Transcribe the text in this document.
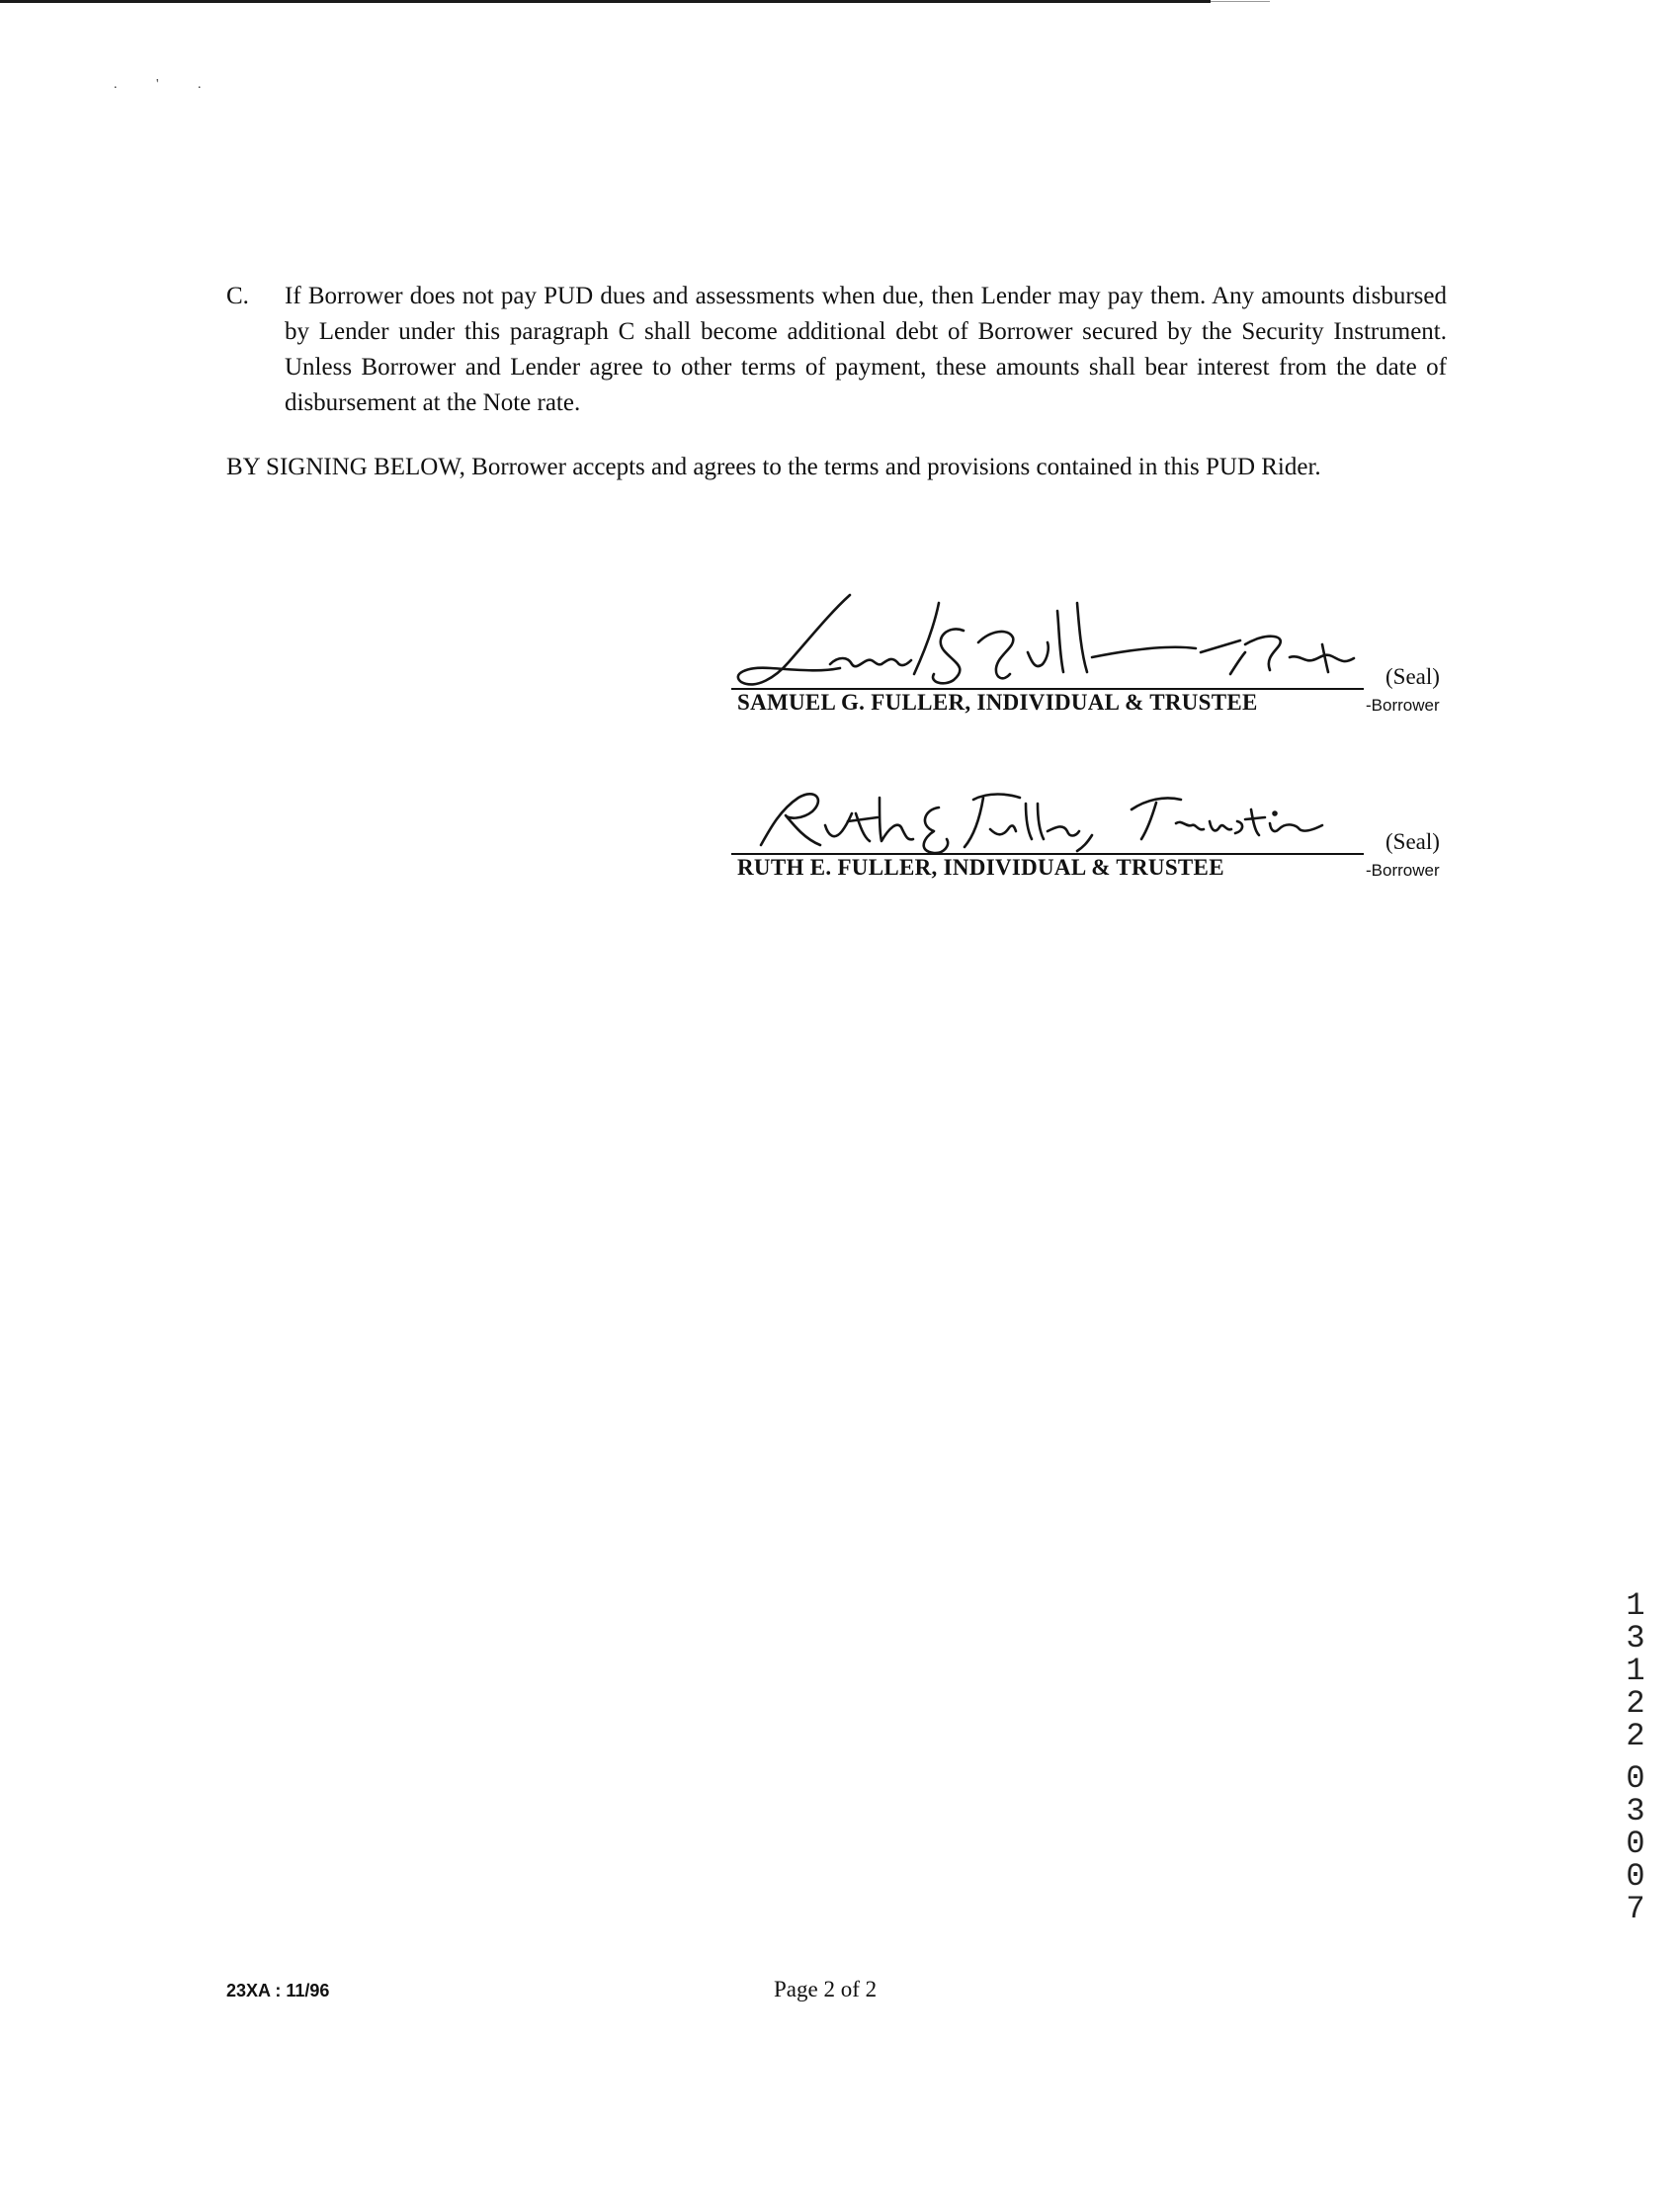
. ' .
C. If Borrower does not pay PUD dues and assessments when due, then Lender may pay them. Any amounts disbursed by Lender under this paragraph C shall become additional debt of Borrower secured by the Security Instrument. Unless Borrower and Lender agree to other terms of payment, these amounts shall bear interest from the date of disbursement at the Note rate.
BY SIGNING BELOW, Borrower accepts and agrees to the terms and provisions contained in this PUD Rider.
(Seal)
SAMUEL G. FULLER, INDIVIDUAL & TRUSTEE	-Borrower
(Seal)
RUTH E. FULLER, INDIVIDUAL & TRUSTEE	-Borrower
1
3
1
2
2
0
3
0
0
7
23XA : 11/96	Page 2 of 2
